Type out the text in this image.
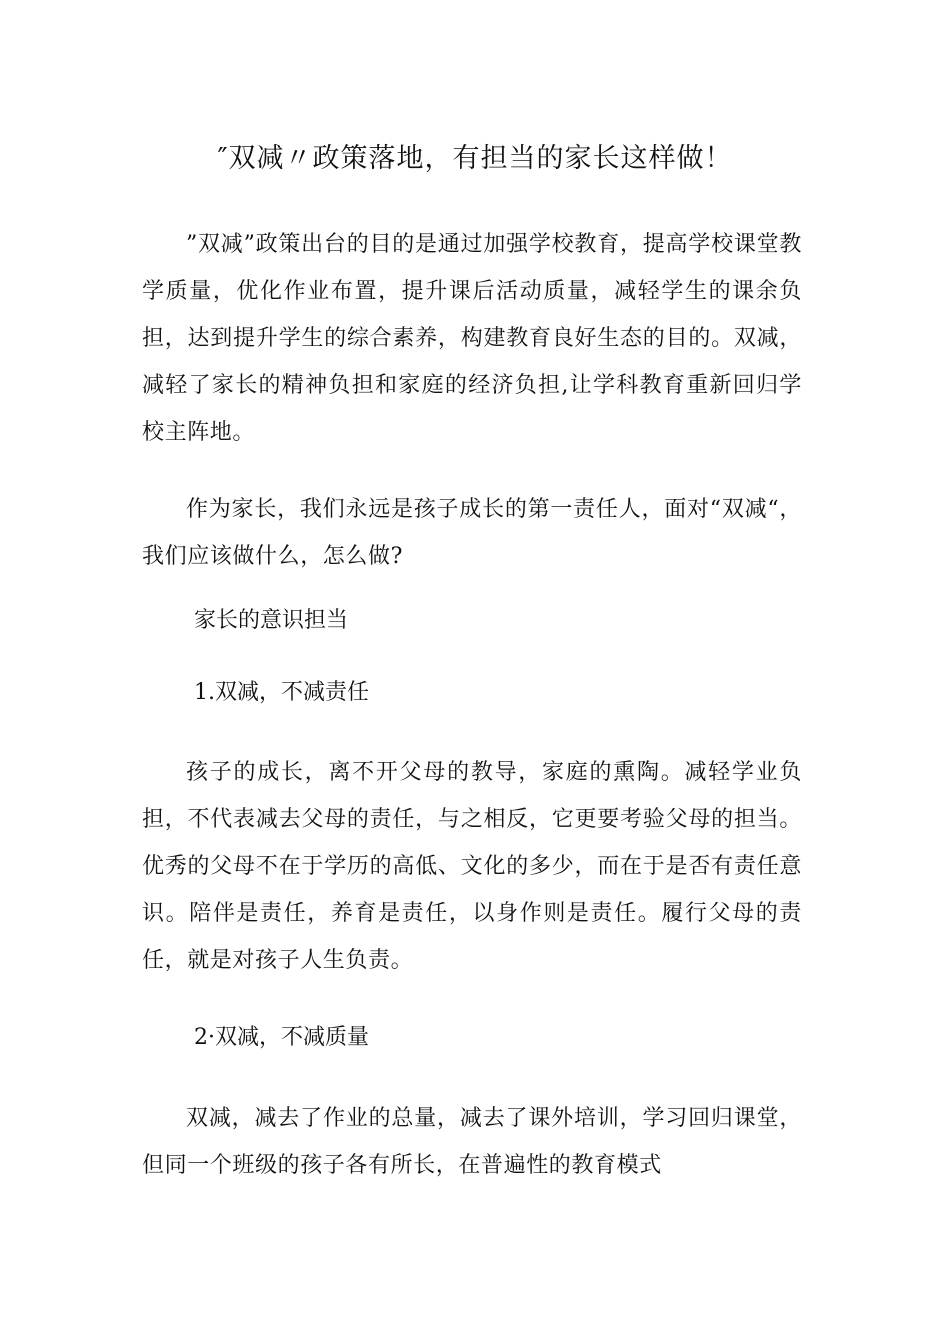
″双减〃政策落地，有担当的家长这样做！

”双减”政策出台的目的是通过加强学校教育，提高学校课堂教学质量，优化作业布置，提升课后活动质量，减轻学生的课余负担，达到提升学生的综合素养，构建教育良好生态的目的。双减，减轻了家长的精神负担和家庭的经济负担,让学科教育重新回归学校主阵地。

作为家长，我们永远是孩子成长的第一责任人，面对“双减“，我们应该做什么，怎么做?

家长的意识担当

1.双减，不减责任

孩子的成长，离不开父母的教导，家庭的熏陶。减轻学业负担，不代表减去父母的责任，与之相反，它更要考验父母的担当。优秀的父母不在于学历的高低、文化的多少，而在于是否有责任意识。陪伴是责任，养育是责任，以身作则是责任。履行父母的责任，就是对孩子人生负责。

2·双减，不减质量

双减，减去了作业的总量，减去了课外培训，学习回归课堂，但同一个班级的孩子各有所长，在普遍性的教育模式
